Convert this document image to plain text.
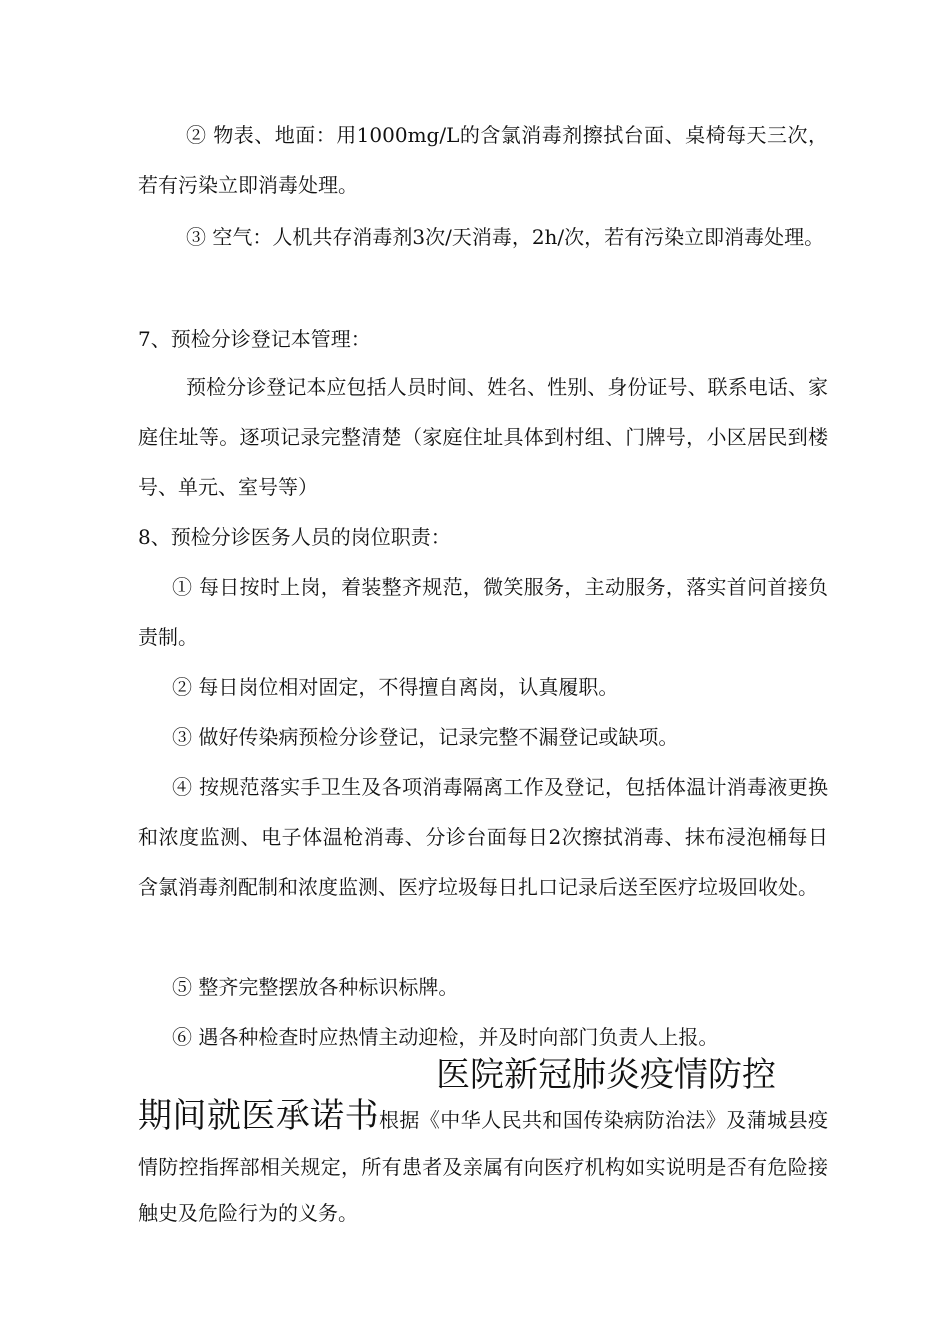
② 物表、地面：用1000mg/L的含氯消毒剂擦拭台面、桌椅每天三次，若有污染立即消毒处理。

③ 空气：人机共存消毒剂3次/天消毒，2h/次，若有污染立即消毒处理。

7、预检分诊登记本管理：

预检分诊登记本应包括人员时间、姓名、性别、身份证号、联系电话、家庭住址等。逐项记录完整清楚（家庭住址具体到村组、门牌号，小区居民到楼号、单元、室号等）

8、预检分诊医务人员的岗位职责：

① 每日按时上岗，着装整齐规范，微笑服务，主动服务，落实首问首接负责制。

② 每日岗位相对固定，不得擅自离岗，认真履职。

③ 做好传染病预检分诊登记，记录完整不漏登记或缺项。

④ 按规范落实手卫生及各项消毒隔离工作及登记，包括体温计消毒液更换和浓度监测、电子体温枪消毒、分诊台面每日2次擦拭消毒、抹布浸泡桶每日含氯消毒剂配制和浓度监测、医疗垃圾每日扎口记录后送至医疗垃圾回收处。

⑤ 整齐完整摆放各种标识标牌。

⑥ 遇各种检查时应热情主动迎检，并及时向部门负责人上报。

医院新冠肺炎疫情防控

期间就医承诺书根据《中华人民共和国传染病防治法》及蒲城县疫情防控指挥部相关规定，所有患者及亲属有向医疗机构如实说明是否有危险接触史及危险行为的义务。
